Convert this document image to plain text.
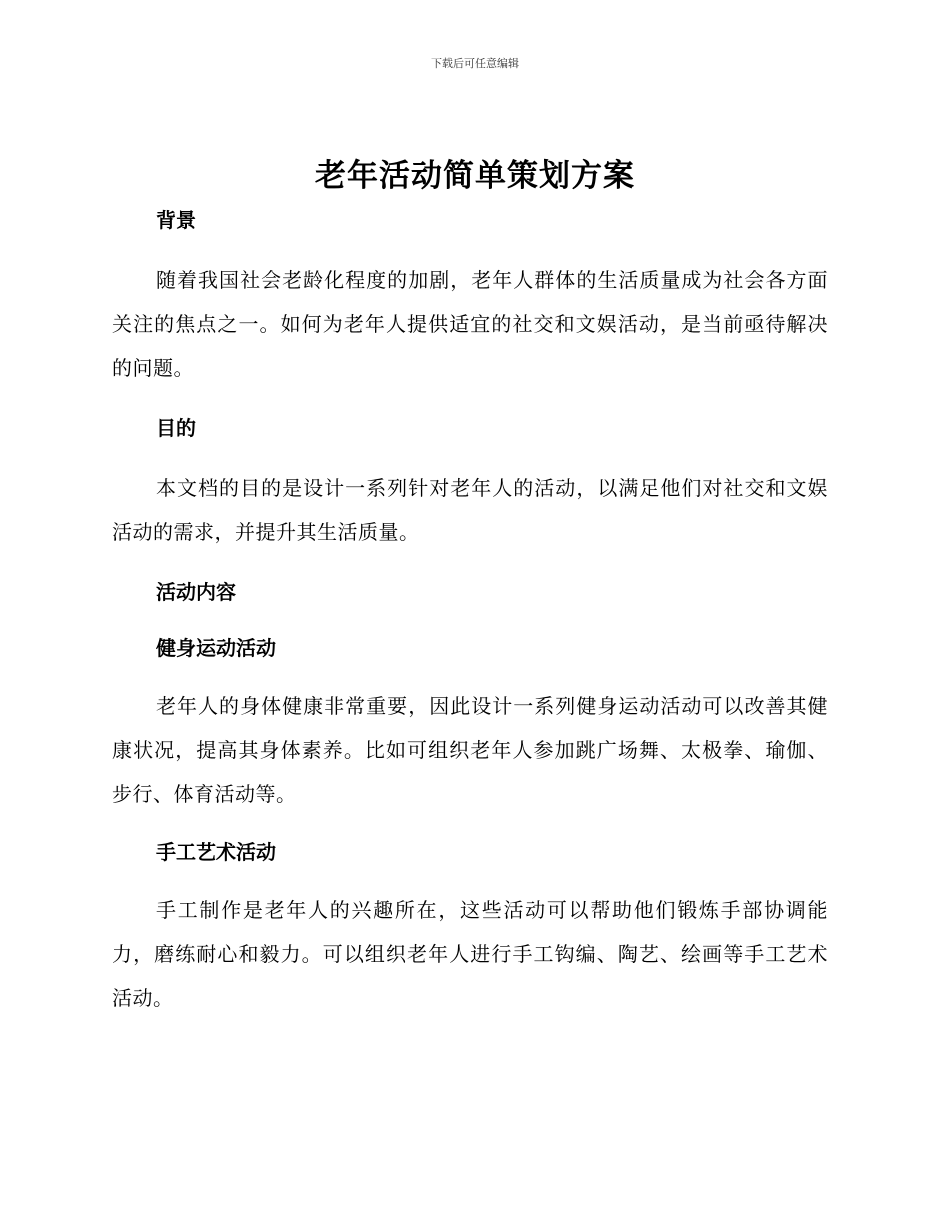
下载后可任意编辑
老年活动简单策划方案

背景

随着我国社会老龄化程度的加剧，老年人群体的生活质量成为社会各方面关注的焦点之一。如何为老年人提供适宜的社交和文娱活动，是当前亟待解决的问题。

目的

本文档的目的是设计一系列针对老年人的活动，以满足他们对社交和文娱活动的需求，并提升其生活质量。

活动内容

健身运动活动

老年人的身体健康非常重要，因此设计一系列健身运动活动可以改善其健康状况，提高其身体素养。比如可组织老年人参加跳广场舞、太极拳、瑜伽、步行、体育活动等。

手工艺术活动

手工制作是老年人的兴趣所在，这些活动可以帮助他们锻炼手部协调能力，磨练耐心和毅力。可以组织老年人进行手工钩编、陶艺、绘画等手工艺术活动。
